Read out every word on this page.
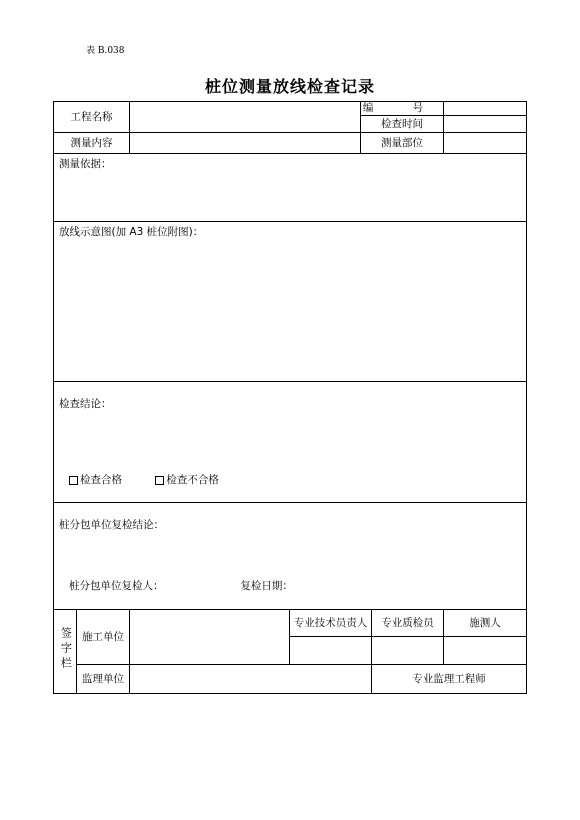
表 B.038
桩位测量放线检查记录
工程名称				编 号			
				检查时间			
测量内容				测量部位			
测量依据：							
放线示意图(加 A3 桩位附图)：							

检查结论：
检查合格
检查不合格							

桩分包单位复检结论：
桩分包单位复检人： 复检日期：							

签字栏	施工单位		专业技术员责人		专业质检员	施测人	

	监理单位				专业监理工程师		
